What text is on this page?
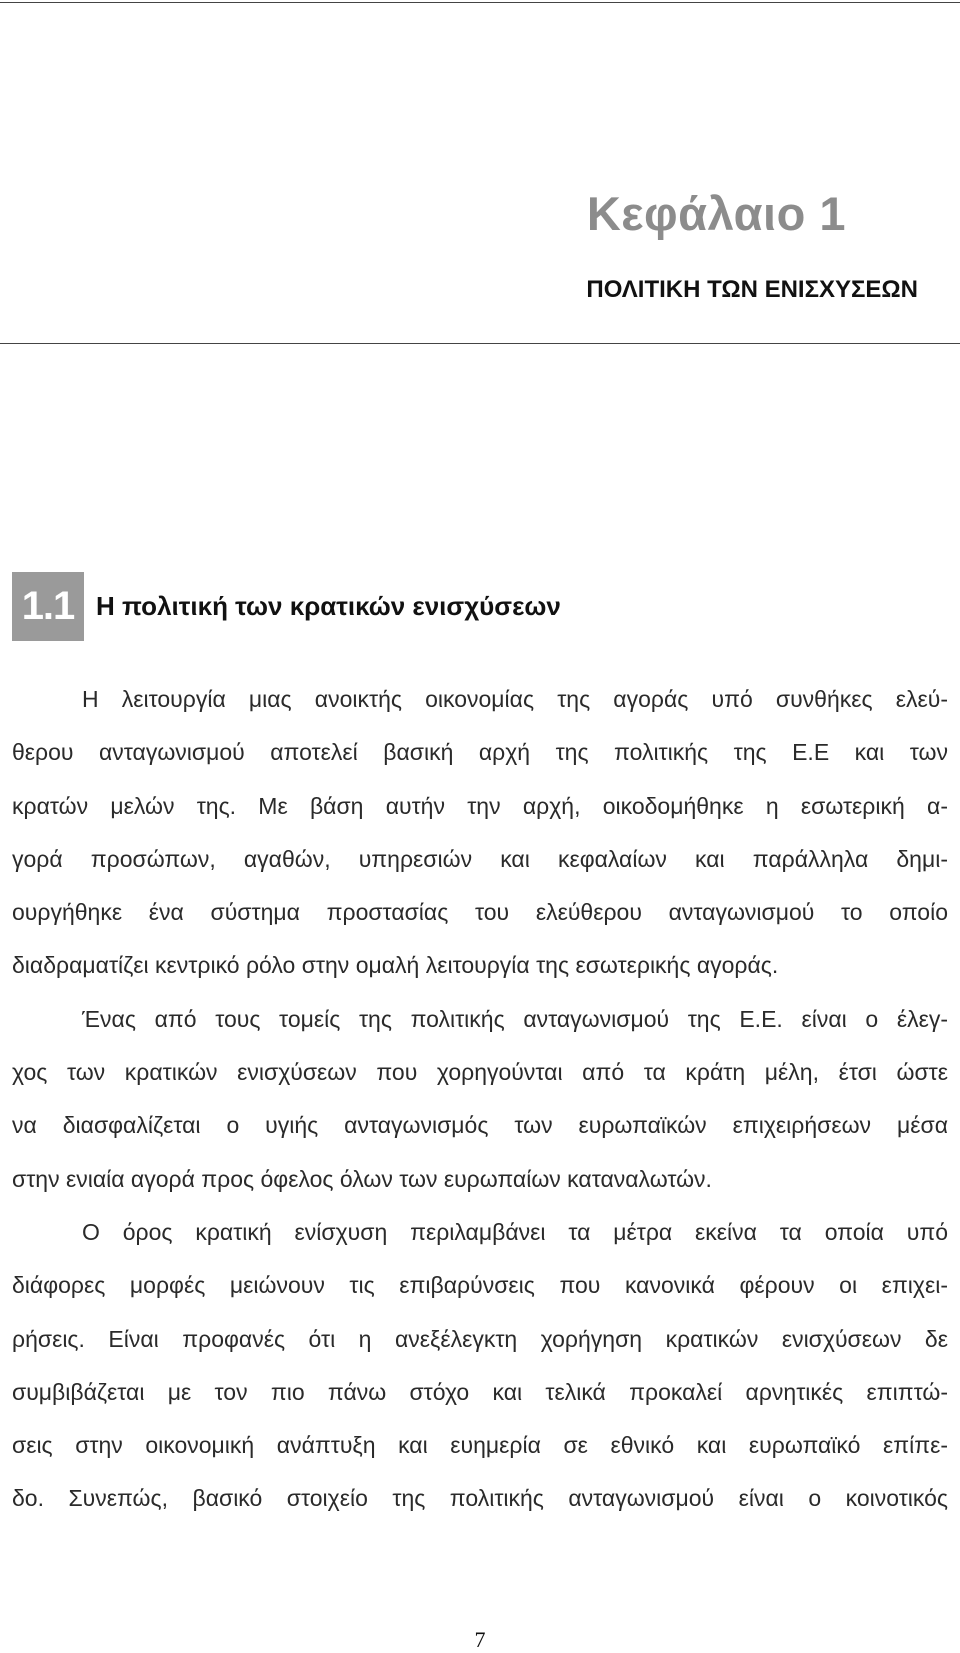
Κεφάλαιο 1
ΠΟΛΙΤΙΚΗ ΤΩΝ ΕΝΙΣΧΥΣΕΩΝ
1.1 Η πολιτική των κρατικών ενισχύσεων

Η λειτουργία μιας ανοικτής οικονομίας της αγοράς υπό συνθήκες ελεύ-
θερου ανταγωνισμού αποτελεί βασική αρχή της πολιτικής της Ε.Ε και των
κρατών μελών της. Με βάση αυτήν την αρχή, οικοδομήθηκε η εσωτερική α-
γορά προσώπων, αγαθών, υπηρεσιών και κεφαλαίων και παράλληλα δημι-
ουργήθηκε ένα σύστημα προστασίας του ελεύθερου ανταγωνισμού το οποίο
διαδραματίζει κεντρικό ρόλο στην ομαλή λειτουργία της εσωτερικής αγοράς.

Ένας από τους τομείς της πολιτικής ανταγωνισμού της Ε.Ε. είναι ο έλεγ-
χος των κρατικών ενισχύσεων που χορηγούνται από τα κράτη μέλη, έτσι ώστε
να διασφαλίζεται ο υγιής ανταγωνισμός των ευρωπαϊκών επιχειρήσεων μέσα
στην ενιαία αγορά προς όφελος όλων των ευρωπαίων καταναλωτών.

Ο όρος κρατική ενίσχυση περιλαμβάνει τα μέτρα εκείνα τα οποία υπό
διάφορες μορφές μειώνουν τις επιβαρύνσεις που κανονικά φέρουν οι επιχει-
ρήσεις. Είναι προφανές ότι η ανεξέλεγκτη χορήγηση κρατικών ενισχύσεων δε
συμβιβάζεται με τον πιο πάνω στόχο και τελικά προκαλεί αρνητικές επιπτώ-
σεις στην οικονομική ανάπτυξη και ευημερία σε εθνικό και ευρωπαϊκό επίπε-
δο. Συνεπώς, βασικό στοιχείο της πολιτικής ανταγωνισμού είναι ο κοινοτικός

7
